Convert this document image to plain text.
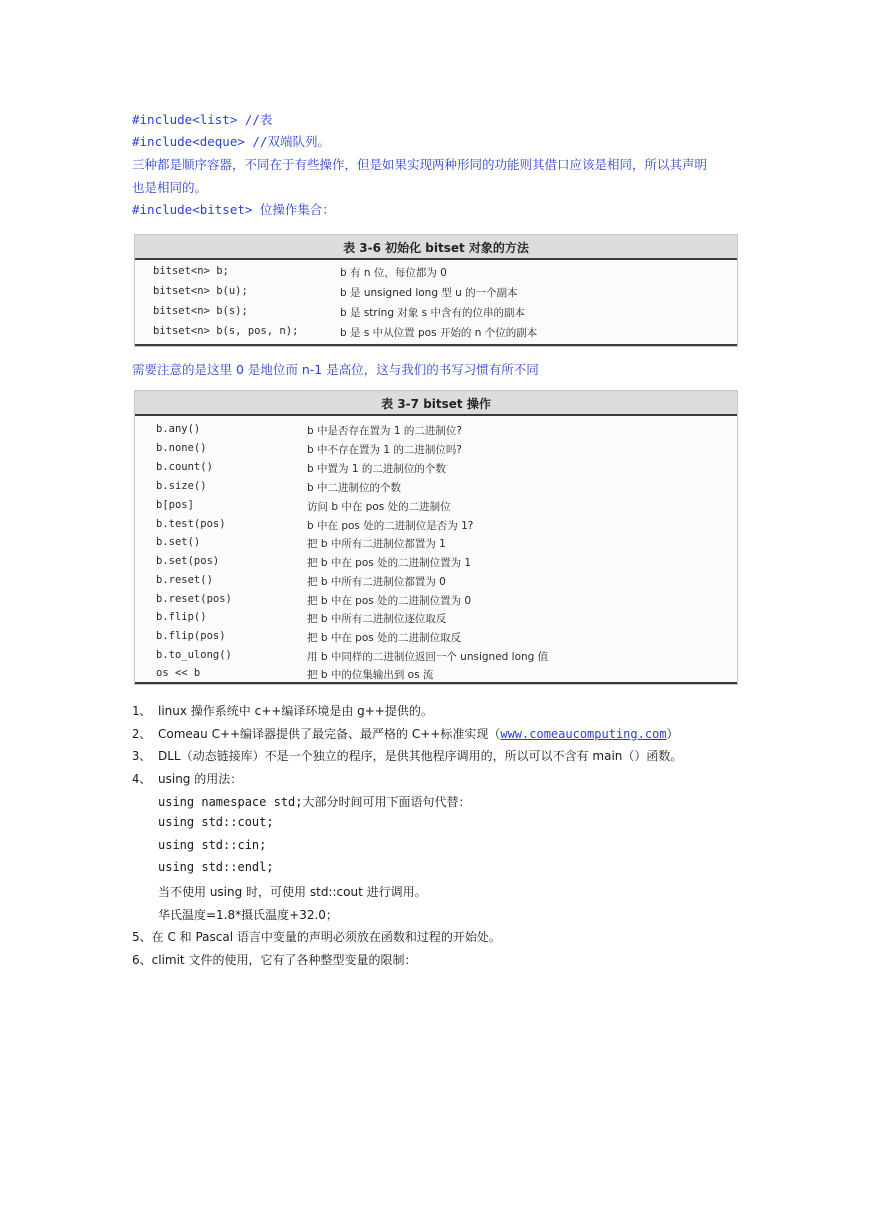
#include<list> //表
#include<deque> //双端队列。
三种都是顺序容器，不同在于有些操作，但是如果实现两种形同的功能则其借口应该是相同，所以其声明
也是相同的。
#include<bitset> 位操作集合：
表 3-6 初始化 bitset 对象的方法
bitset<n> b;	b 有 n 位，每位都为 0
bitset<n> b(u);	b 是 unsigned long 型 u 的一个副本
bitset<n> b(s);	b 是 string 对象 s 中含有的位串的副本
bitset<n> b(s, pos, n);	b 是 s 中从位置 pos 开始的 n 个位的副本
需要注意的是这里 0 是地位而 n-1 是高位，这与我们的书写习惯有所不同
表 3-7 bitset 操作
b.any()	b 中是否存在置为 1 的二进制位?
b.none()	b 中不存在置为 1 的二进制位吗?
b.count()	b 中置为 1 的二进制位的个数
b.size()	b 中二进制位的个数
b[pos]	访问 b 中在 pos 处的二进制位
b.test(pos)	b 中在 pos 处的二进制位是否为 1?
b.set()	把 b 中所有二进制位都置为 1
b.set(pos)	把 b 中在 pos 处的二进制位置为 1
b.reset()	把 b 中所有二进制位都置为 0
b.reset(pos)	把 b 中在 pos 处的二进制位置为 0
b.flip()	把 b 中所有二进制位逐位取反
b.flip(pos)	把 b 中在 pos 处的二进制位取反
b.to_ulong()	用 b 中同样的二进制位返回一个 unsigned long 值
os << b	把 b 中的位集输出到 os 流
1、 linux 操作系统中 c++编译环境是由 g++提供的。
2、 Comeau C++编译器提供了最完备、最严格的 C++标准实现（www.comeaucomputing.com）
3、 DLL（动态链接库）不是一个独立的程序，是供其他程序调用的，所以可以不含有 main（）函数。
4、 using 的用法：
using namespace std;大部分时间可用下面语句代替：
using std::cout;
using std::cin;
using std::endl;
当不使用 using 时，可使用 std::cout 进行调用。
华氏温度=1.8*摄氏温度+32.0；
5、在 C 和 Pascal 语言中变量的声明必须放在函数和过程的开始处。
6、climit 文件的使用，它有了各种整型变量的限制：
